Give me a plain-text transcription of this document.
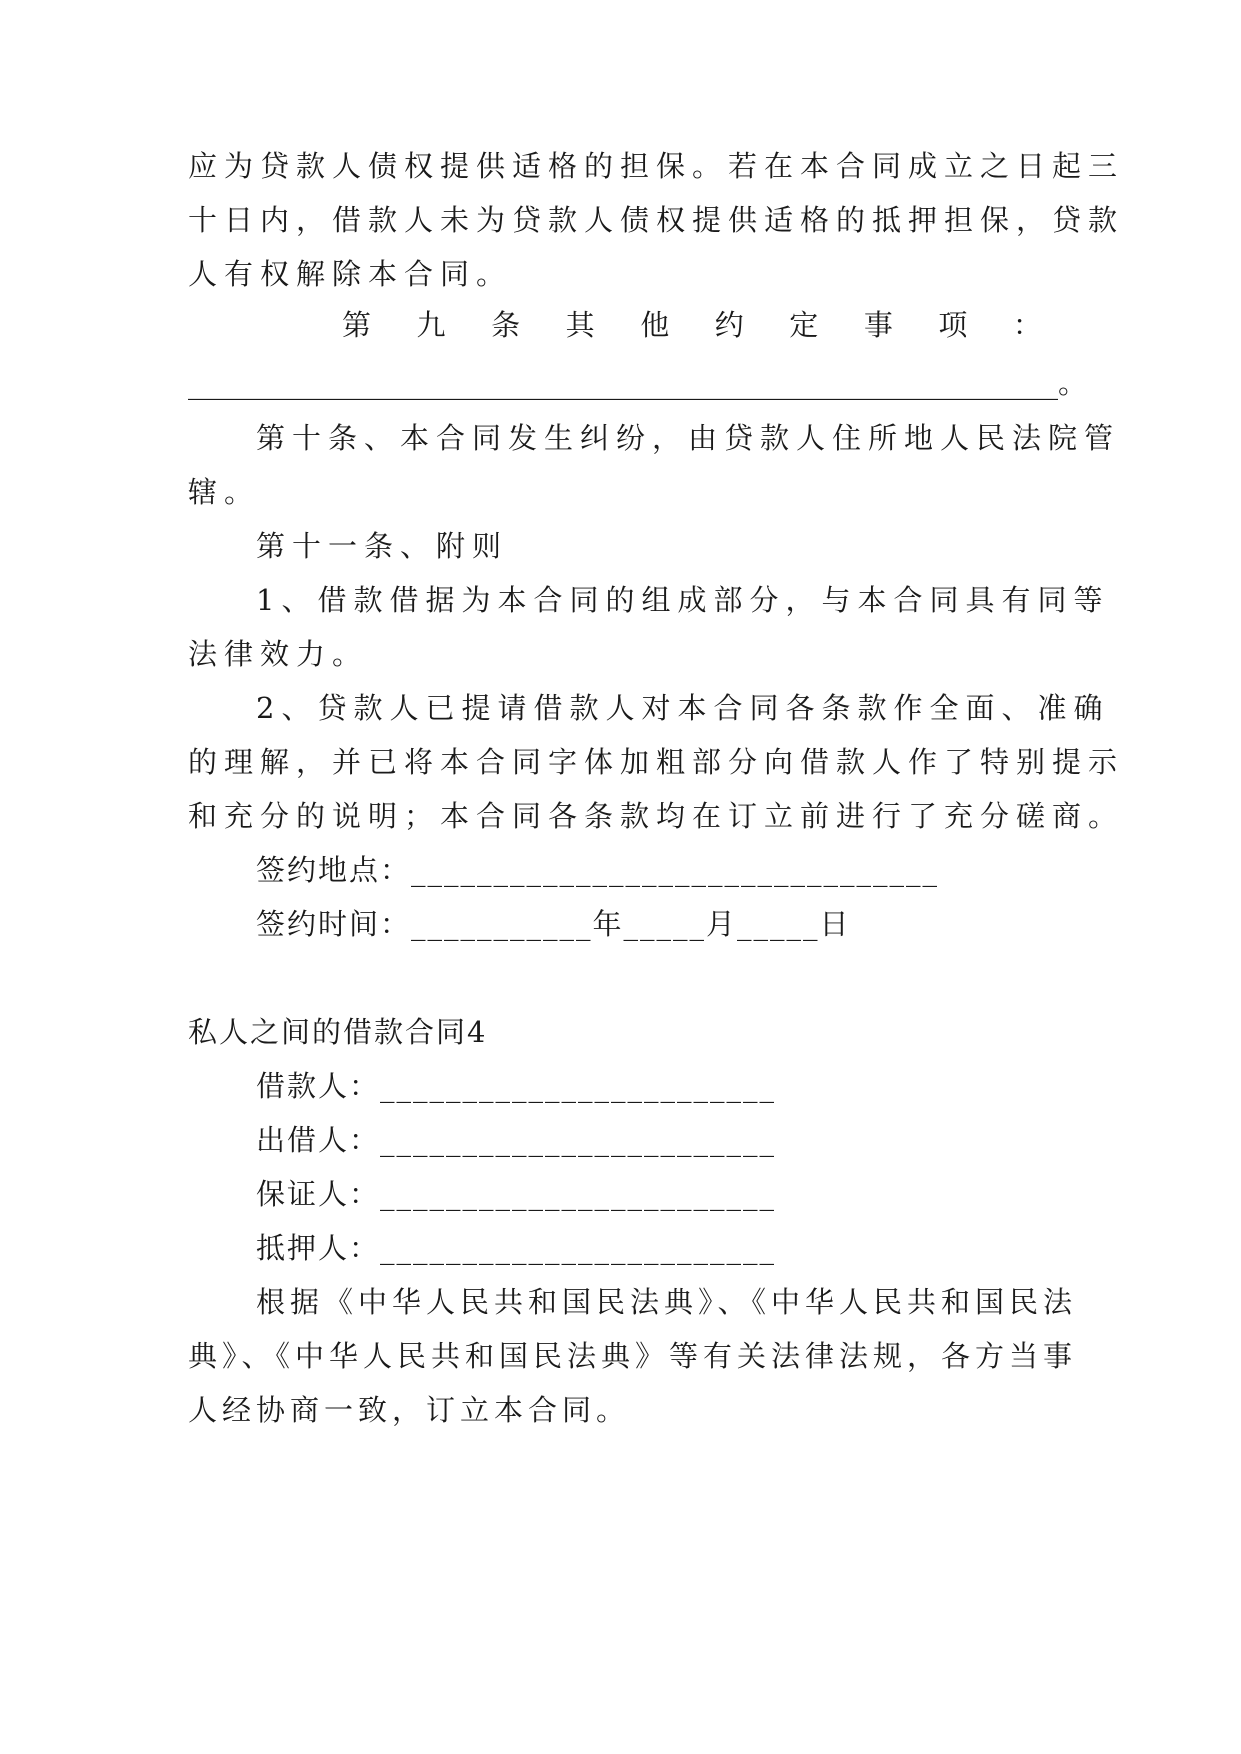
应为贷款人债权提供适格的担保。若在本合同成立之日起三
十日内，借款人未为贷款人债权提供适格的抵押担保，贷款
人有权解除本合同。
第 九 条 其 他 约 定 事 项 ：
____________________________________________________________。
第十条、本合同发生纠纷，由贷款人住所地人民法院管
辖。
第十一条、附则
1、借款借据为本合同的组成部分，与本合同具有同等
法律效力。
2、贷款人已提请借款人对本合同各条款作全面、准确
的理解，并已将本合同字体加粗部分向借款人作了特别提示
和充分的说明；本合同各条款均在订立前进行了充分磋商。
签约地点：________________________________
签约时间：___________年_____月_____日
私人之间的借款合同4
借款人：________________________
出借人：________________________
保证人：________________________
抵押人：________________________
根据《中华人民共和国民法典》、《中华人民共和国民法
典》、《中华人民共和国民法典》等有关法律法规，各方当事
人经协商一致，订立本合同。
